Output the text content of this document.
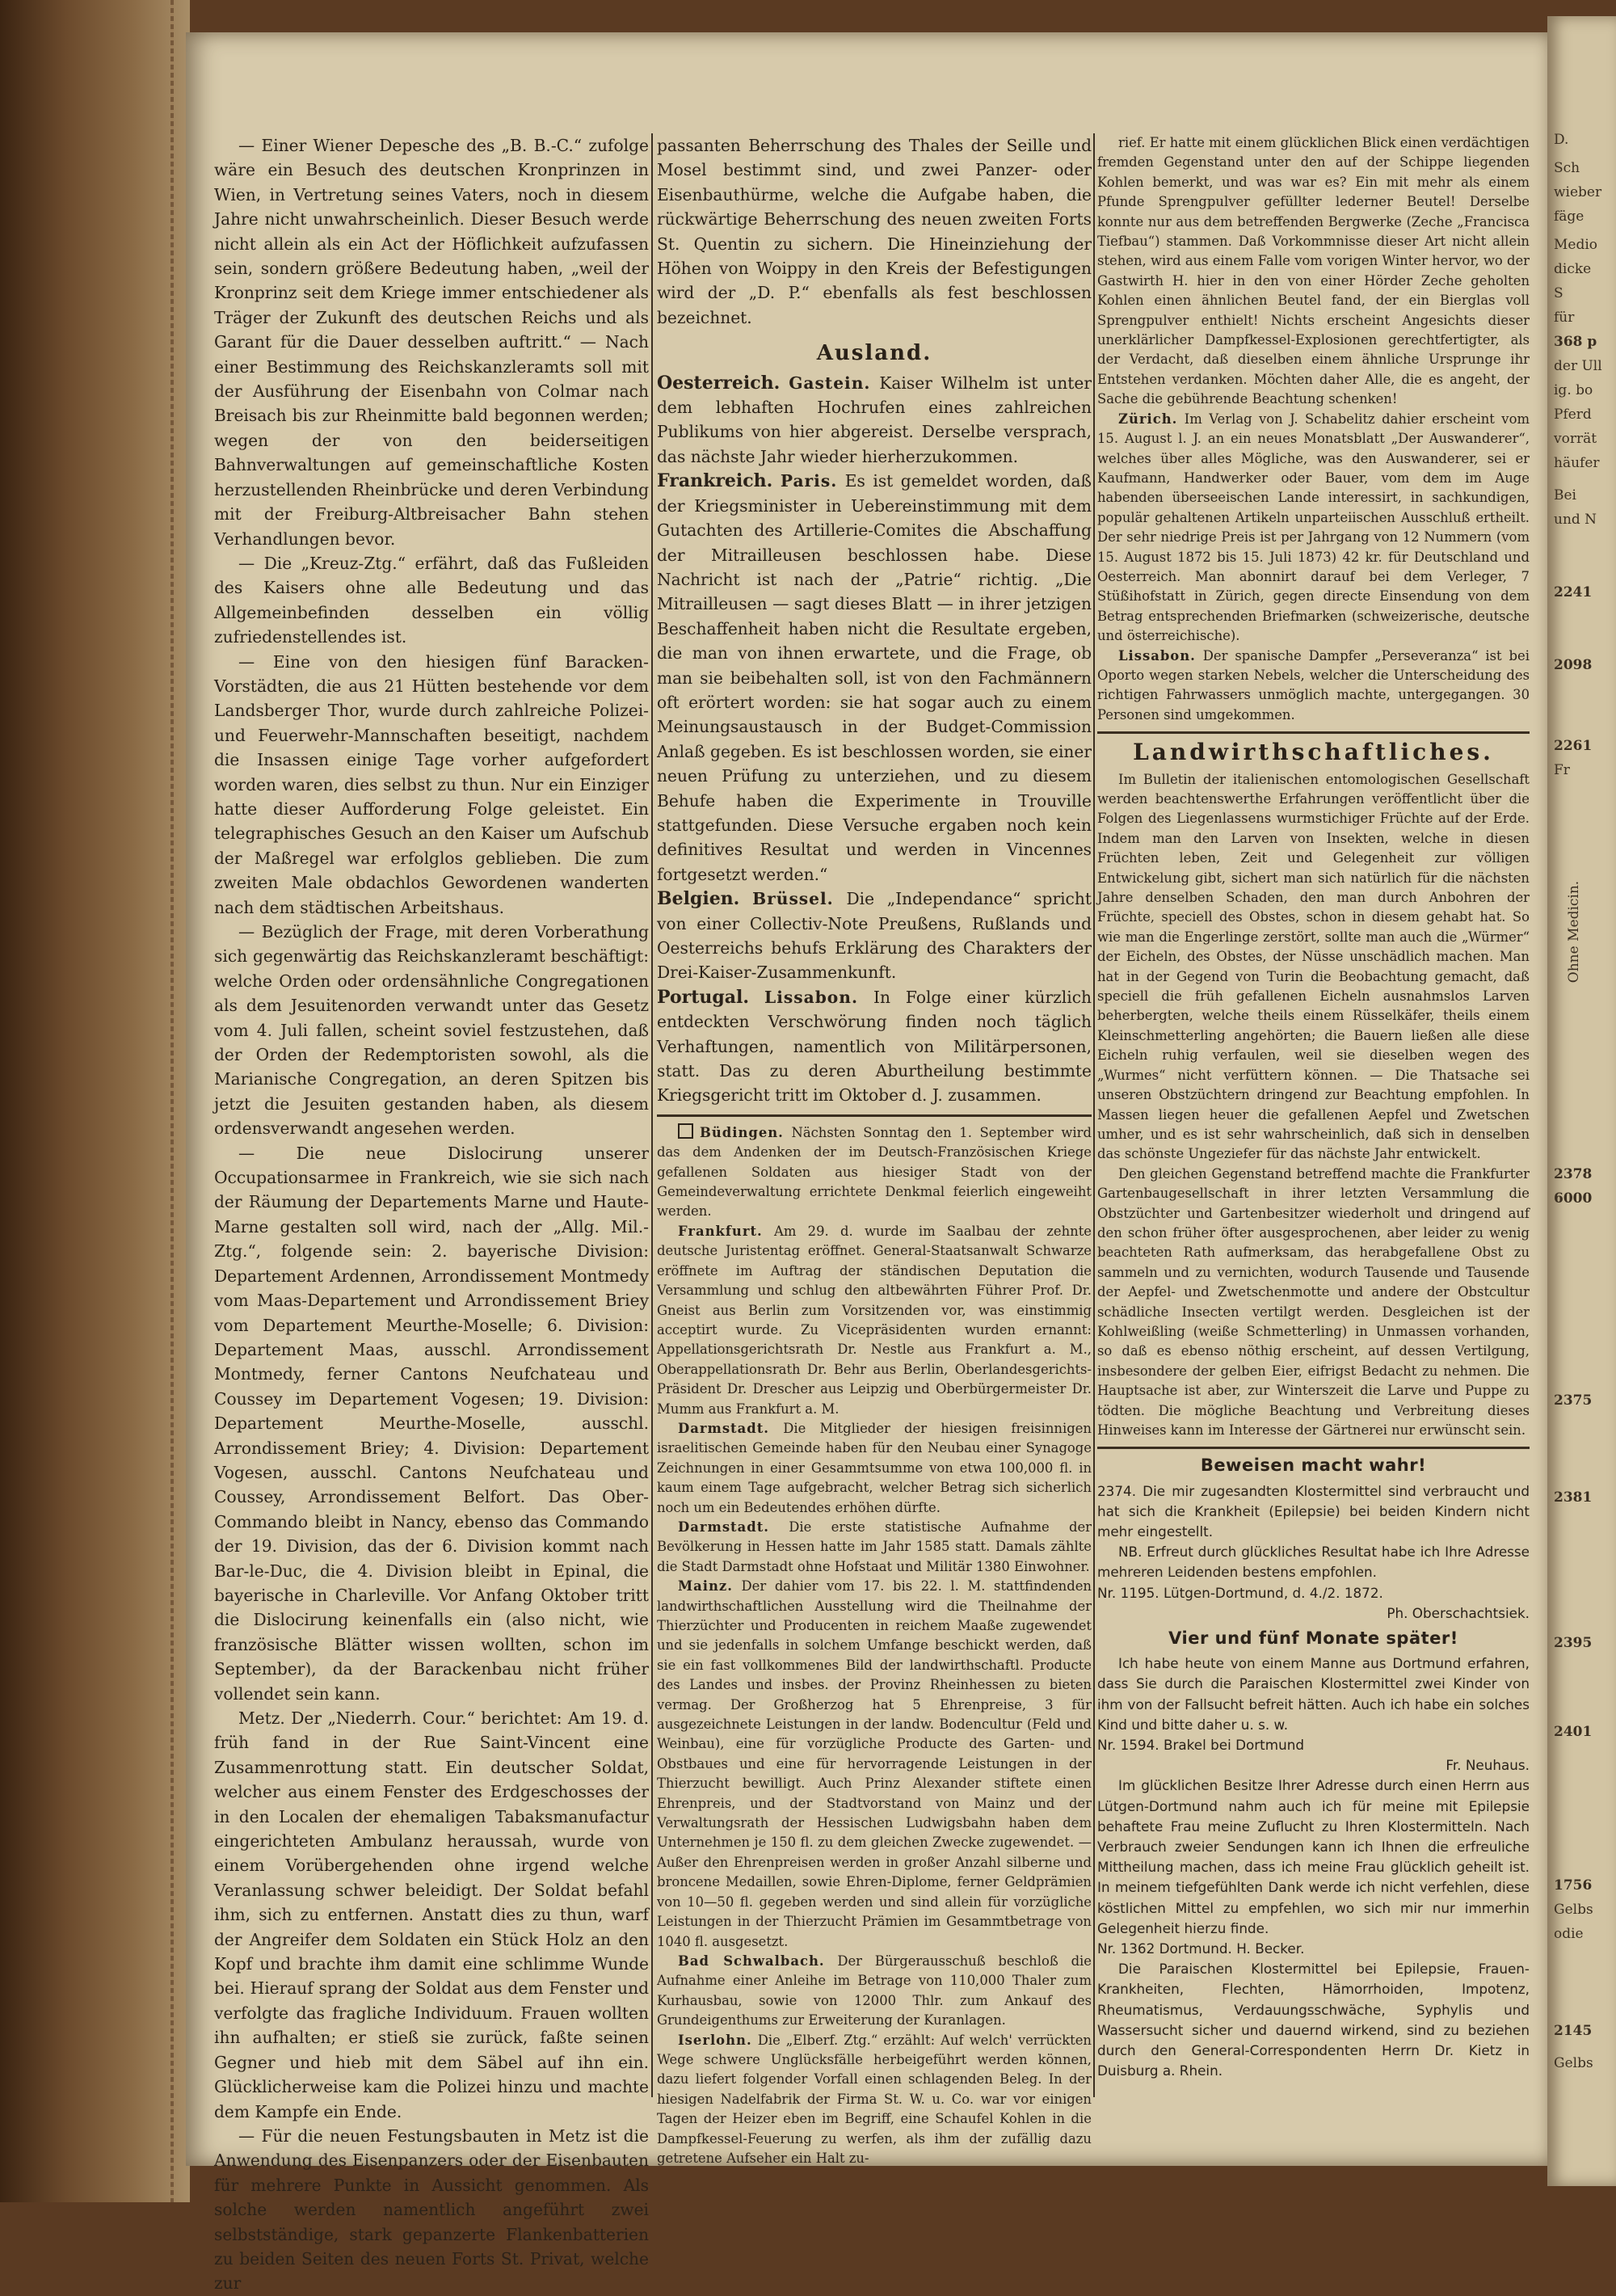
D.
Sch
wieber
fäge
Medio
dicke
S
für
368 p
der Ull
ig. bo
Pferd
vorrät
häufer
Bei
und N
2241
2098
2261
Fr
Ohne Medicin.
2378
6000
2375
2381
2395
2401
1756
Gelbs
odie
2145
Gelbs

— Einer Wiener Depesche des „B. B.-C.“ zufolge wäre ein Besuch des deutschen Kronprinzen in Wien, in Vertretung seines Vaters, noch in diesem Jahre nicht unwahrscheinlich. Dieser Besuch werde nicht allein als ein Act der Höflichkeit aufzufassen sein, sondern größere Bedeutung haben, „weil der Kronprinz seit dem Kriege immer entschiedener als Träger der Zukunft des deutschen Reichs und als Garant für die Dauer desselben auftritt.“ — Nach einer Bestimmung des Reichskanzleramts soll mit der Ausführung der Eisenbahn von Colmar nach Breisach bis zur Rheinmitte bald begonnen werden; wegen der von den beiderseitigen Bahnverwaltungen auf gemeinschaftliche Kosten herzustellenden Rheinbrücke und deren Verbindung mit der Freiburg-Altbreisacher Bahn stehen Verhandlungen bevor.

— Die „Kreuz-Ztg.“ erfährt, daß das Fußleiden des Kaisers ohne alle Bedeutung und das Allgemeinbefinden desselben ein völlig zufriedenstellendes ist.

— Eine von den hiesigen fünf Baracken-Vorstädten, die aus 21 Hütten bestehende vor dem Landsberger Thor, wurde durch zahlreiche Polizei- und Feuerwehr-Mannschaften beseitigt, nachdem die Insassen einige Tage vorher aufgefordert worden waren, dies selbst zu thun. Nur ein Einziger hatte dieser Aufforderung Folge geleistet. Ein telegraphisches Gesuch an den Kaiser um Aufschub der Maßregel war erfolglos geblieben. Die zum zweiten Male obdachlos Gewordenen wanderten nach dem städtischen Arbeitshaus.

— Bezüglich der Frage, mit deren Vorberathung sich gegenwärtig das Reichskanzleramt beschäftigt: welche Orden oder ordensähnliche Congregationen als dem Jesuitenorden verwandt unter das Gesetz vom 4. Juli fallen, scheint soviel festzustehen, daß der Orden der Redemptoristen sowohl, als die Marianische Congregation, an deren Spitzen bis jetzt die Jesuiten gestanden haben, als diesem ordensverwandt angesehen werden.

— Die neue Dislocirung unserer Occupationsarmee in Frankreich, wie sie sich nach der Räumung der Departements Marne und Haute-Marne gestalten soll wird, nach der „Allg. Mil.-Ztg.“, folgende sein: 2. bayerische Division: Departement Ardennen, Arrondissement Montmedy vom Maas-Departement und Arrondissement Briey vom Departement Meurthe-Moselle; 6. Division: Departement Maas, ausschl. Arrondissement Montmedy, ferner Cantons Neufchateau und Coussey im Departement Vogesen; 19. Division: Departement Meurthe-Moselle, ausschl. Arrondissement Briey; 4. Division: Departement Vogesen, ausschl. Cantons Neufchateau und Coussey, Arrondissement Belfort. Das Ober-Commando bleibt in Nancy, ebenso das Commando der 19. Division, das der 6. Division kommt nach Bar-le-Duc, die 4. Division bleibt in Epinal, die bayerische in Charleville. Vor Anfang Oktober tritt die Dislocirung keinenfalls ein (also nicht, wie französische Blätter wissen wollten, schon im September), da der Barackenbau nicht früher vollendet sein kann.

Metz. Der „Niederrh. Cour.“ berichtet: Am 19. d. früh fand in der Rue Saint-Vincent eine Zusammenrottung statt. Ein deutscher Soldat, welcher aus einem Fenster des Erdgeschosses der in den Localen der ehemaligen Tabaksmanufactur eingerichteten Ambulanz heraussah, wurde von einem Vorübergehenden ohne irgend welche Veranlassung schwer beleidigt. Der Soldat befahl ihm, sich zu entfernen. Anstatt dies zu thun, warf der Angreifer dem Soldaten ein Stück Holz an den Kopf und brachte ihm damit eine schlimme Wunde bei. Hierauf sprang der Soldat aus dem Fenster und verfolgte das fragliche Individuum. Frauen wollten ihn aufhalten; er stieß sie zurück, faßte seinen Gegner und hieb mit dem Säbel auf ihn ein. Glücklicherweise kam die Polizei hinzu und machte dem Kampfe ein Ende.

— Für die neuen Festungsbauten in Metz ist die Anwendung des Eisenpanzers oder der Eisenbauten für mehrere Punkte in Aussicht genommen. Als solche werden namentlich angeführt zwei selbstständige, stark gepanzerte Flankenbatterien zu beiden Seiten des neuen Forts St. Privat, welche zur

passanten Beherrschung des Thales der Seille und Mosel bestimmt sind, und zwei Panzer- oder Eisenbauthürme, welche die Aufgabe haben, die rückwärtige Beherrschung des neuen zweiten Forts St. Quentin zu sichern. Die Hineinziehung der Höhen von Woippy in den Kreis der Befestigungen wird der „D. P.“ ebenfalls als fest beschlossen bezeichnet.

Ausland.

Oesterreich. Gastein. Kaiser Wilhelm ist unter dem lebhaften Hochrufen eines zahlreichen Publikums von hier abgereist. Derselbe versprach, das nächste Jahr wieder hierherzukommen.

Frankreich. Paris. Es ist gemeldet worden, daß der Kriegsminister in Uebereinstimmung mit dem Gutachten des Artillerie-Comites die Abschaffung der Mitrailleusen beschlossen habe. Diese Nachricht ist nach der „Patrie“ richtig. „Die Mitrailleusen — sagt dieses Blatt — in ihrer jetzigen Beschaffenheit haben nicht die Resultate ergeben, die man von ihnen erwartete, und die Frage, ob man sie beibehalten soll, ist von den Fachmännern oft erörtert worden: sie hat sogar auch zu einem Meinungsaustausch in der Budget-Commission Anlaß gegeben. Es ist beschlossen worden, sie einer neuen Prüfung zu unterziehen, und zu diesem Behufe haben die Experimente in Trouville stattgefunden. Diese Versuche ergaben noch kein definitives Resultat und werden in Vincennes fortgesetzt werden.“

Belgien. Brüssel. Die „Independance“ spricht von einer Collectiv-Note Preußens, Rußlands und Oesterreichs behufs Erklärung des Charakters der Drei-Kaiser-Zusammenkunft.

Portugal. Lissabon. In Folge einer kürzlich entdeckten Verschwörung finden noch täglich Verhaftungen, namentlich von Militärpersonen, statt. Das zu deren Aburtheilung bestimmte Kriegsgericht tritt im Oktober d. J. zusammen.

Büdingen. Nächsten Sonntag den 1. September wird das dem Andenken der im Deutsch-Französischen Kriege gefallenen Soldaten aus hiesiger Stadt von der Gemeindeverwaltung errichtete Denkmal feierlich eingeweiht werden.

Frankfurt. Am 29. d. wurde im Saalbau der zehnte deutsche Juristentag eröffnet. General-Staatsanwalt Schwarze eröffnete im Auftrag der ständischen Deputation die Versammlung und schlug den altbewährten Führer Prof. Dr. Gneist aus Berlin zum Vorsitzenden vor, was einstimmig acceptirt wurde. Zu Vicepräsidenten wurden ernannt: Appellationsgerichtsrath Dr. Nestle aus Frankfurt a. M., Oberappellationsrath Dr. Behr aus Berlin, Oberlandesgerichts-Präsident Dr. Drescher aus Leipzig und Oberbürgermeister Dr. Mumm aus Frankfurt a. M.

Darmstadt. Die Mitglieder der hiesigen freisinnigen israelitischen Gemeinde haben für den Neubau einer Synagoge Zeichnungen in einer Gesammtsumme von etwa 100,000 fl. in kaum einem Tage aufgebracht, welcher Betrag sich sicherlich noch um ein Bedeutendes erhöhen dürfte.

Darmstadt. Die erste statistische Aufnahme der Bevölkerung in Hessen hatte im Jahr 1585 statt. Damals zählte die Stadt Darmstadt ohne Hofstaat und Militär 1380 Einwohner.

Mainz. Der dahier vom 17. bis 22. l. M. stattfindenden landwirthschaftlichen Ausstellung wird die Theilnahme der Thierzüchter und Producenten in reichem Maaße zugewendet und sie jedenfalls in solchem Umfange beschickt werden, daß sie ein fast vollkommenes Bild der landwirthschaftl. Producte des Landes und insbes. der Provinz Rheinhessen zu bieten vermag. Der Großherzog hat 5 Ehrenpreise, 3 für ausgezeichnete Leistungen in der landw. Bodencultur (Feld und Weinbau), eine für vorzügliche Producte des Garten- und Obstbaues und eine für hervorragende Leistungen in der Thierzucht bewilligt. Auch Prinz Alexander stiftete einen Ehrenpreis, und der Stadtvorstand von Mainz und der Verwaltungsrath der Hessischen Ludwigsbahn haben dem Unternehmen je 150 fl. zu dem gleichen Zwecke zugewendet. — Außer den Ehrenpreisen werden in großer Anzahl silberne und broncene Medaillen, sowie Ehren-Diplome, ferner Geldprämien von 10—50 fl. gegeben werden und sind allein für vorzügliche Leistungen in der Thierzucht Prämien im Gesammtbetrage von 1040 fl. ausgesetzt.

Bad Schwalbach. Der Bürgerausschuß beschloß die Aufnahme einer Anleihe im Betrage von 110,000 Thaler zum Kurhausbau, sowie von 12000 Thlr. zum Ankauf des Grundeigenthums zur Erweiterung der Kuranlagen.

Iserlohn. Die „Elberf. Ztg.“ erzählt: Auf welch' verrückten Wege schwere Unglücksfälle herbeigeführt werden können, dazu liefert folgender Vorfall einen schlagenden Beleg. In der hiesigen Nadelfabrik der Firma St. W. u. Co. war vor einigen Tagen der Heizer eben im Begriff, eine Schaufel Kohlen in die Dampfkessel-Feuerung zu werfen, als ihm der zufällig dazu getretene Aufseher ein Halt zu-

rief. Er hatte mit einem glücklichen Blick einen verdächtigen fremden Gegenstand unter den auf der Schippe liegenden Kohlen bemerkt, und was war es? Ein mit mehr als einem Pfunde Sprengpulver gefüllter lederner Beutel! Derselbe konnte nur aus dem betreffenden Bergwerke (Zeche „Francisca Tiefbau“) stammen. Daß Vorkommnisse dieser Art nicht allein stehen, wird aus einem Falle vom vorigen Winter hervor, wo der Gastwirth H. hier in den von einer Hörder Zeche geholten Kohlen einen ähnlichen Beutel fand, der ein Bierglas voll Sprengpulver enthielt! Nichts erscheint Angesichts dieser unerklärlicher Dampfkessel-Explosionen gerechtfertigter, als der Verdacht, daß dieselben einem ähnliche Ursprunge ihr Entstehen verdanken. Möchten daher Alle, die es angeht, der Sache die gebührende Beachtung schenken!

Zürich. Im Verlag von J. Schabelitz dahier erscheint vom 15. August l. J. an ein neues Monatsblatt „Der Auswanderer“, welches über alles Mögliche, was den Auswanderer, sei er Kaufmann, Handwerker oder Bauer, vom dem im Auge habenden überseeischen Lande interessirt, in sachkundigen, populär gehaltenen Artikeln unparteiischen Ausschluß ertheilt. Der sehr niedrige Preis ist per Jahrgang von 12 Nummern (vom 15. August 1872 bis 15. Juli 1873) 42 kr. für Deutschland und Oesterreich. Man abonnirt darauf bei dem Verleger, 7 Stüßihofstatt in Zürich, gegen directe Einsendung von dem Betrag entsprechenden Briefmarken (schweizerische, deutsche und österreichische).

Lissabon. Der spanische Dampfer „Perseveranza“ ist bei Oporto wegen starken Nebels, welcher die Unterscheidung des richtigen Fahrwassers unmöglich machte, untergegangen. 30 Personen sind umgekommen.

Landwirthschaftliches.

Im Bulletin der italienischen entomologischen Gesellschaft werden beachtenswerthe Erfahrungen veröffentlicht über die Folgen des Liegenlassens wurmstichiger Früchte auf der Erde. Indem man den Larven von Insekten, welche in diesen Früchten leben, Zeit und Gelegenheit zur völligen Entwickelung gibt, sichert man sich natürlich für die nächsten Jahre denselben Schaden, den man durch Anbohren der Früchte, speciell des Obstes, schon in diesem gehabt hat. So wie man die Engerlinge zerstört, sollte man auch die „Würmer“ der Eicheln, des Obstes, der Nüsse unschädlich machen. Man hat in der Gegend von Turin die Beobachtung gemacht, daß speciell die früh gefallenen Eicheln ausnahmslos Larven beherbergten, welche theils einem Rüsselkäfer, theils einem Kleinschmetterling angehörten; die Bauern ließen alle diese Eicheln ruhig verfaulen, weil sie dieselben wegen des „Wurmes“ nicht verfüttern können. — Die Thatsache sei unseren Obstzüchtern dringend zur Beachtung empfohlen. In Massen liegen heuer die gefallenen Aepfel und Zwetschen umher, und es ist sehr wahrscheinlich, daß sich in denselben das schönste Ungeziefer für das nächste Jahr entwickelt.

Den gleichen Gegenstand betreffend machte die Frankfurter Gartenbaugesellschaft in ihrer letzten Versammlung die Obstzüchter und Gartenbesitzer wiederholt und dringend auf den schon früher öfter ausgesprochenen, aber leider zu wenig beachteten Rath aufmerksam, das herabgefallene Obst zu sammeln und zu vernichten, wodurch Tausende und Tausende der Aepfel- und Zwetschenmotte und andere der Obstcultur schädliche Insecten vertilgt werden. Desgleichen ist der Kohlweißling (weiße Schmetterling) in Unmassen vorhanden, so daß es ebenso nöthig erscheint, auf dessen Vertilgung, insbesondere der gelben Eier, eifrigst Bedacht zu nehmen. Die Hauptsache ist aber, zur Winterszeit die Larve und Puppe zu tödten. Die mögliche Beachtung und Verbreitung dieses Hinweises kann im Interesse der Gärtnerei nur erwünscht sein.

Beweisen macht wahr!

2374. Die mir zugesandten Klostermittel sind verbraucht und hat sich die Krankheit (Epilepsie) bei beiden Kindern nicht mehr eingestellt.

NB. Erfreut durch glückliches Resultat habe ich Ihre Adresse mehreren Leidenden bestens empfohlen.

Nr. 1195. Lütgen-Dortmund, d. 4./2. 1872.

Ph. Oberschachtsiek.

Vier und fünf Monate später!

Ich habe heute von einem Manne aus Dortmund erfahren, dass Sie durch die Paraischen Klostermittel zwei Kinder von ihm von der Fallsucht befreit hätten. Auch ich habe ein solches Kind und bitte daher u. s. w.

Nr. 1594. Brakel bei Dortmund

Fr. Neuhaus.

Im glücklichen Besitze Ihrer Adresse durch einen Herrn aus Lütgen-Dortmund nahm auch ich für meine mit Epilepsie behaftete Frau meine Zuflucht zu Ihren Klostermitteln. Nach Verbrauch zweier Sendungen kann ich Ihnen die erfreuliche Mittheilung machen, dass ich meine Frau glücklich geheilt ist. In meinem tiefgefühlten Dank werde ich nicht verfehlen, diese köstlichen Mittel zu empfehlen, wo sich mir nur immerhin Gelegenheit hierzu finde.

Nr. 1362 Dortmund. H. Becker.

Die Paraischen Klostermittel bei Epilepsie, Frauen-Krankheiten, Flechten, Hämorrhoiden, Impotenz, Rheumatismus, Verdauungsschwäche, Syphylis und Wassersucht sicher und dauernd wirkend, sind zu beziehen durch den General-Correspondenten Herrn Dr. Kietz in Duisburg a. Rhein.
